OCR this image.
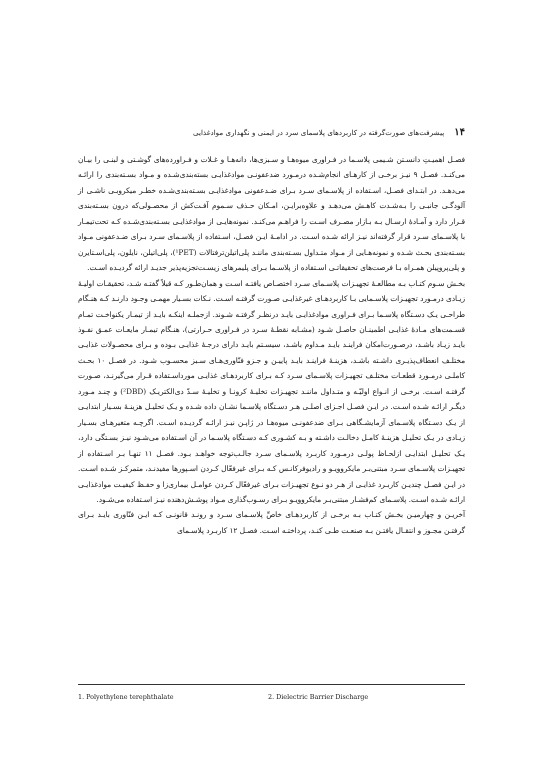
۱۴
پیشرفت‌های صورت‌گرفته در کاربردهای پلاسمای سرد در ایمنی و نگهداری موادغذایی

فصـل اهمیـتِ دانسـتن شـیمی پلاسـما در فـراوری میوه‌هـا و سـبزی‌ها، دانه‌هـا و غـلات و فـراورده‌های گوشـتی و لبنـی را بیـان می‌کنـد. فصـل ۹ نیـز برخـی از کارهـای انجام‌شـده درمـورد ضدعفونـی موادغذایـی بسته‌بندی‌شـده و مـواد بسـته‌بندی را ارائـه می‌دهـد. در ابتـدای فصـل، اسـتفاده از پلاسـمای سـرد بـرای ضـدعفونی موادغذایـی بسـته‌بندی‌شـده خطـر میکروبـی ناشـی از آلودگـی جانبـی را بـه‌شـدت کاهـش می‌دهـد و علاوه‌برایـن، امـکان حـذف سـموم آفـت‌کش از محصـولی‌که درون بسـته‌بندی قـرار دارد و آمـادهٔ ارسـال بـه بـازار مصـرف اسـت را فراهـم می‌کنـد. نمونه‌هایـی از موادغذایـی بسـته‌بندی‌شـده کـه تحت‌تیمـار با پلاسـمای سـرد قرار گرفته‌اند نیـز ارائه شـده اسـت. در ادامـهٔ ایـن فصـل، اسـتفاده از پلاسـمای سـرد بـرای ضـدعفونی مـواد بسـته‌بندی بحـث شـده و نمونه‌هـایی از مـواد متـداول بسـته‌بندی ماننـد پلی‌اتیلن‌ترفتالات (¹PET)، پلی‌اتیلن، نایلون، پلی‌اسـتایرن و پلی‌پروپیلن همـراه بـا فرصت‌های تحقیقاتـی اسـتفاده از پلاسـما بـرای پلیمرهای زیسـت‌تجزیه‌پذیر جدیـد ارائه گردیـده اسـت.

بخـش سـوم کتـاب بـه مطالعـهٔ تجهیـزات پلاسـمای سـرد اختصـاص یافتـه اسـت و همان‌طـور کـه قبلاً گفتـه شـد، تحقیقـات اولیـهٔ زیـادی درمـورد تجهیـزات پلاسـمایی بـا کاربردهـای غیرغذایـی صـورت گرفتـه اسـت. نـکات بسـیار مهمـی وجـود دارنـد کـه هنـگام طراحـی یـک دسـتگاه پلاسـما بـرای فـراوری موادغذایـی بایـد درنظـر گرفتـه شـوند. ازجملـه اینکـه بایـد از تیمـار یکنواخـت تمـام قسـمت‌های مـادهٔ غذایـی اطمینـان حاصـل شـود (مشـابه نقطـهٔ سـرد در فـراوری حـرارتی)، هنـگام تیمـار مایعـات عمـق نفـوذ بایـد زیـاد باشـد، درصـورت‌امکان فراینـد بایـد مـداوم باشـد، سیسـتم بایـد دارای درجـهٔ غذایـی بـوده و بـرای محصـولات غذایـی مختلـف انعطاف‌پذیـری داشـته باشـد، هزینـهٔ فراینـد بایـد پاییـن و جـزو فنّاوری‌هـای سـبز محسـوب شـود. در فصـل ۱۰ بحـث کاملـی درمـورد قطعـات مختلـف تجهیـزات پلاسـمای سـرد کـه بـرای کاربردهـای غذایـی مورداسـتفاده قـرار می‌گیرنـد، صـورت گرفتـه اسـت. برخـی از انـواع اولیّـه و متـداول ماننـد تجهیـزات تخلیـهٔ کرونـا و تخلیـهٔ سـدّ دی‌الکتریـک (²DBD) و چنـد مـورد دیگـر ارائـه شـده اسـت. در ایـن فصـل اجـزای اصلـی هـر دسـتگاه پلاسـما نشـان داده شـده و یـک تحلیـل هزینـهٔ بسـیار ابتدایـی از یـک دسـتگاه پلاسـمای آزمایشـگاهی بـرای ضدعفونـی میوه‌هـا در ژاپـن نیـز ارائـه گردیـده اسـت. اگرچـه متغیرهـای بسـیار زیـادی در یـک تحلیـل هزینـهٔ کامـل دخالـت داشـته و بـه کشـوری کـه دسـتگاه پلاسـما در آن اسـتفاده می‌شـود نیـز بسـتگی دارد، یـک تحلیـل ابتدایـی ازلحـاظ پولـی درمـورد کاربـرد پلاسـمای سـرد جالـب‌توجه خواهـد بـود. فصـل ۱۱ تنهـا بـر اسـتفاده از تجهیـزات پلاسـمای سـرد مبتنی‌بـر مایکروویـو و رادیوفرکانـس کـه بـرای غیرفعّال کـردن اسـپورها مفیدنـد، متمرکـز شـده اسـت. در ایـن فصـل چندیـن کاربـرد غذایـی از هـر دو نـوع تجهیـزات بـرای غیرفعّال کـردن عوامـل بیماری‌زا و حفـظ کیفیـت موادغذایـی ارائـه شـده اسـت. پلاسـمای کم‌فشـار مبتنی‌بـر مایکروویـو بـرای رسـوب‌گذاری مـواد پوشـش‌دهنده نیـز اسـتفاده می‌شـود.

آخریـن و چهارمیـن بخـش کتـاب بـه برخـی از کاربردهـای خاصِّ پلاسـمای سـرد و رونـد قانونـی کـه ایـن فنّاوری بایـد بـرای گرفتـن مجـوز و انتقـال یافتـن بـه صنعـت طـی کنـد، پرداختـه اسـت. فصـل ۱۲ کاربـرد پلاسـمای

1. Polyethylene terephthalate	2. Dielectric Barrier Discharge
